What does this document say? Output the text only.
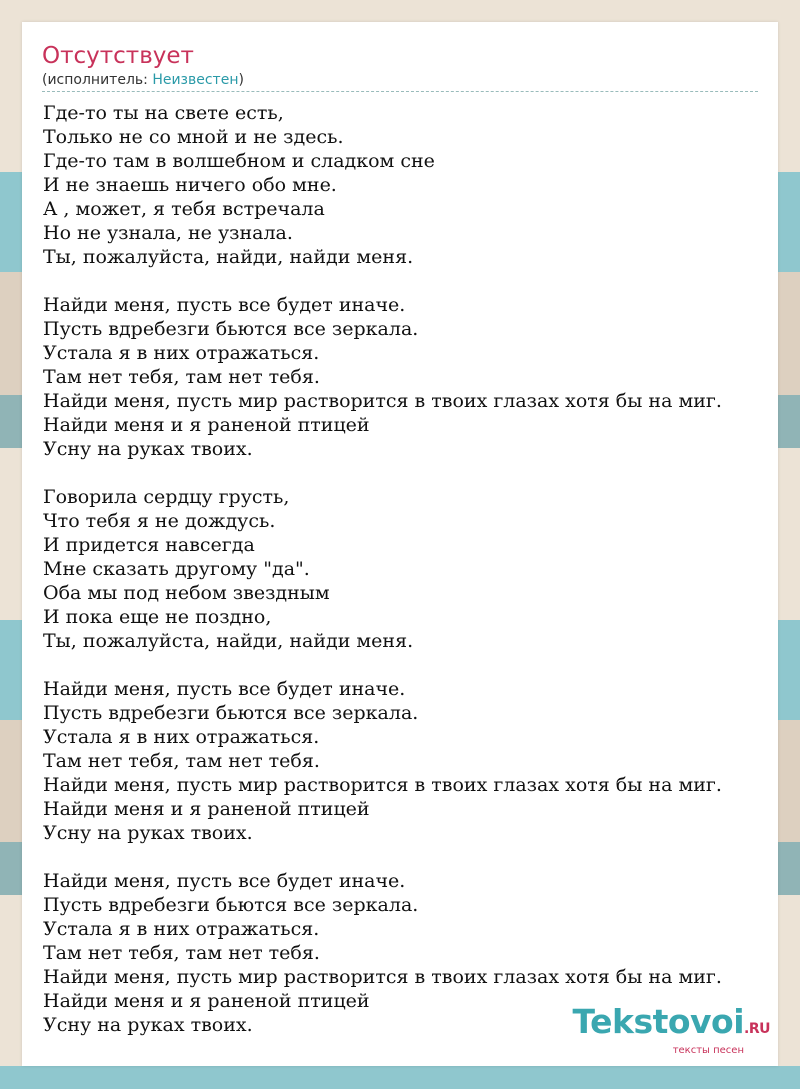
Отсутствует
(исполнитель: Неизвестен)
Где-то ты на свете есть,
Только не со мной и не здесь.
Где-то там в волшебном и сладком сне
И не знаешь ничего обо мне.
А , может, я тебя встречала
Но не узнала, не узнала.
Ты, пожалуйста, найди, найди меня.
Найди меня, пусть все будет иначе.
Пусть вдребезги бьются все зеркала.
Устала я в них отражаться.
Там нет тебя, там нет тебя.
Найди меня, пусть мир растворится в твоих глазах хотя бы на миг.
Найди меня и я раненой птицей
Усну на руках твоих.
Говорила сердцу грусть,
Что тебя я не дождусь.
И придется навсегда
Мне сказать другому "да".
Оба мы под небом звездным
И пока еще не поздно,
Ты, пожалуйста, найди, найди меня.
Найди меня, пусть все будет иначе.
Пусть вдребезги бьются все зеркала.
Устала я в них отражаться.
Там нет тебя, там нет тебя.
Найди меня, пусть мир растворится в твоих глазах хотя бы на миг.
Найди меня и я раненой птицей
Усну на руках твоих.
Найди меня, пусть все будет иначе.
Пусть вдребезги бьются все зеркала.
Устала я в них отражаться.
Там нет тебя, там нет тебя.
Найди меня, пусть мир растворится в твоих глазах хотя бы на миг.
Найди меня и я раненой птицей
Усну на руках твоих.	Tekstovoi.RU
тексты песен
